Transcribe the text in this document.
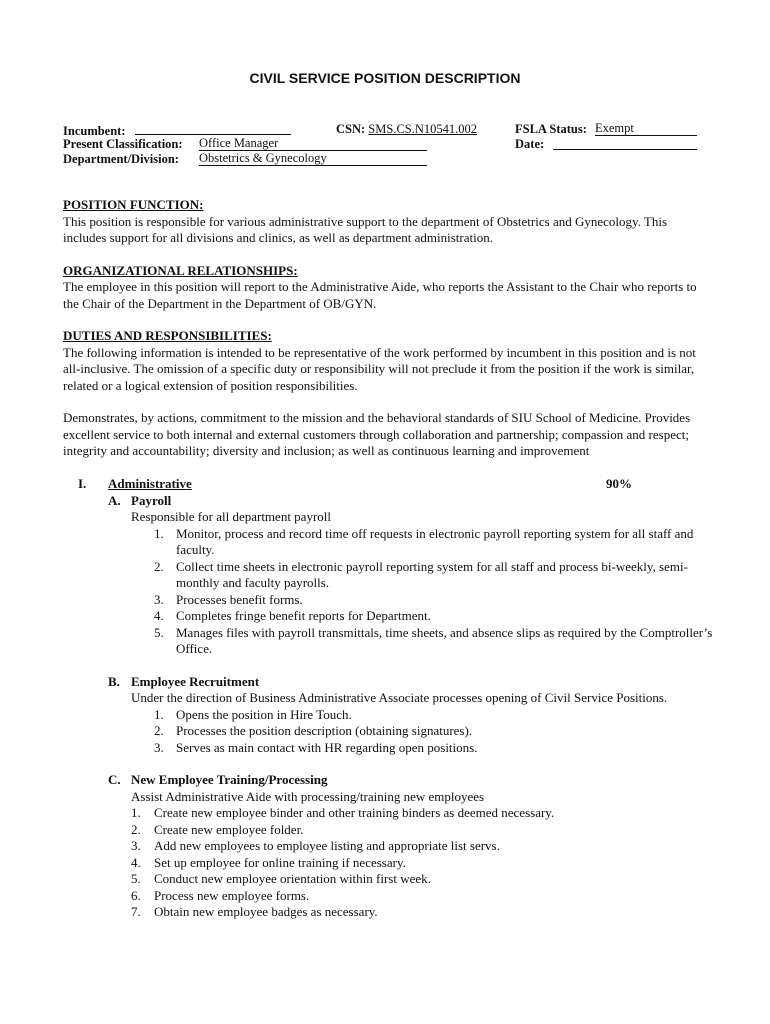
CIVIL SERVICE POSITION DESCRIPTION
Incumbent:
Present Classification: Office Manager
Department/Division: Obstetrics & Gynecology
CSN: SMS.CS.N10541.002	FSLA Status: Exempt
Date:

POSITION FUNCTION:

This position is responsible for various administrative support to the department of Obstetrics and Gynecology. This includes support for all divisions and clinics, as well as department administration.

ORGANIZATIONAL RELATIONSHIPS:

The employee in this position will report to the Administrative Aide, who reports the Assistant to the Chair who reports to the Chair of the Department in the Department of OB/GYN.

DUTIES AND RESPONSIBILITIES:

The following information is intended to be representative of the work performed by incumbent in this position and is not all-inclusive. The omission of a specific duty or responsibility will not preclude it from the position if the work is similar, related or a logical extension of position responsibilities.

Demonstrates, by actions, commitment to the mission and the behavioral standards of SIU School of Medicine. Provides excellent service to both internal and external customers through collaboration and partnership; compassion and respect; integrity and accountability; diversity and inclusion; as well as continuous learning and improvement

I. Administrative	90%
A. Payroll

Responsible for all department payroll

1. Monitor, process and record time off requests in electronic payroll reporting system for all staff and faculty.
2. Collect time sheets in electronic payroll reporting system for all staff and process bi-weekly, semi-monthly and faculty payrolls.
3. Processes benefit forms.
4. Completes fringe benefit reports for Department.
5. Manages files with payroll transmittals, time sheets, and absence slips as required by the Comptroller’s Office.
B. Employee Recruitment

Under the direction of Business Administrative Associate processes opening of Civil Service Positions.

1. Opens the position in Hire Touch.
2. Processes the position description (obtaining signatures).
3. Serves as main contact with HR regarding open positions.
C. New Employee Training/Processing

Assist Administrative Aide with processing/training new employees

1. Create new employee binder and other training binders as deemed necessary.
2. Create new employee folder.
3. Add new employees to employee listing and appropriate list servs.
4. Set up employee for online training if necessary.
5. Conduct new employee orientation within first week.
6. Process new employee forms.
7. Obtain new employee badges as necessary.
